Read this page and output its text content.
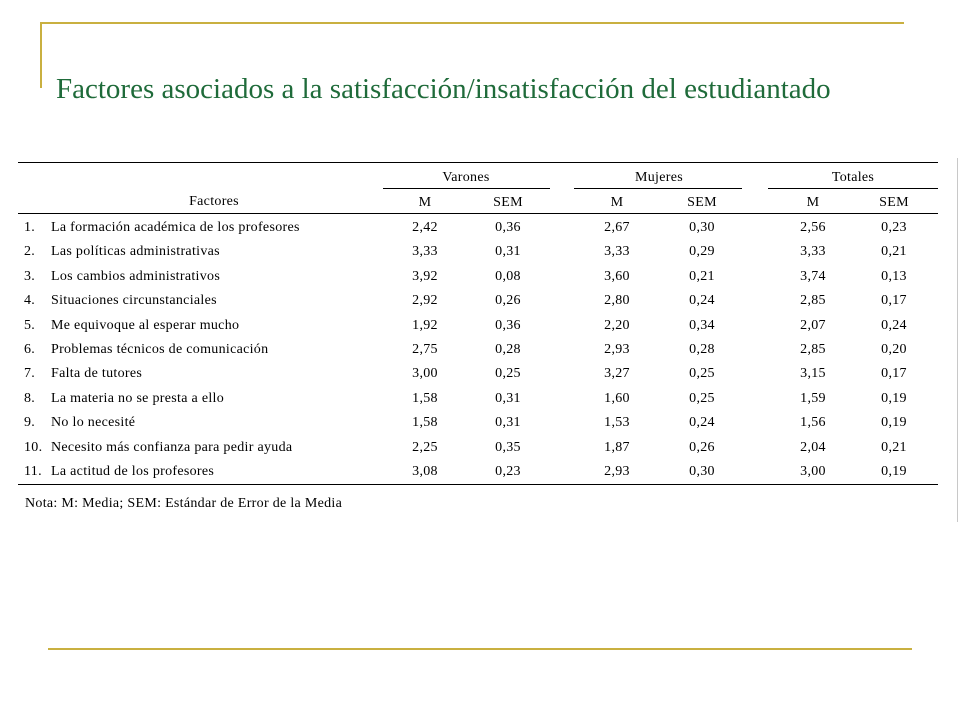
Factores asociados a la satisfacción/insatisfacción del estudiantado
Varones	Mujeres	Totales
Factores	M	SEM	M	SEM	M	SEM
1. La formación académica de los profesores	2,42	0,36	2,67	0,30	2,56	0,23
2. Las políticas administrativas	3,33	0,31	3,33	0,29	3,33	0,21
3. Los cambios administrativos	3,92	0,08	3,60	0,21	3,74	0,13
4. Situaciones circunstanciales	2,92	0,26	2,80	0,24	2,85	0,17
5. Me equivoque al esperar mucho	1,92	0,36	2,20	0,34	2,07	0,24
6. Problemas técnicos de comunicación	2,75	0,28	2,93	0,28	2,85	0,20
7. Falta de tutores	3,00	0,25	3,27	0,25	3,15	0,17
8. La materia no se presta a ello	1,58	0,31	1,60	0,25	1,59	0,19
9. No lo necesité	1,58	0,31	1,53	0,24	1,56	0,19
10. Necesito más confianza para pedir ayuda	2,25	0,35	1,87	0,26	2,04	0,21
11. La actitud de los profesores	3,08	0,23	2,93	0,30	3,00	0,19
Nota: M: Media; SEM: Estándar de Error de la Media
